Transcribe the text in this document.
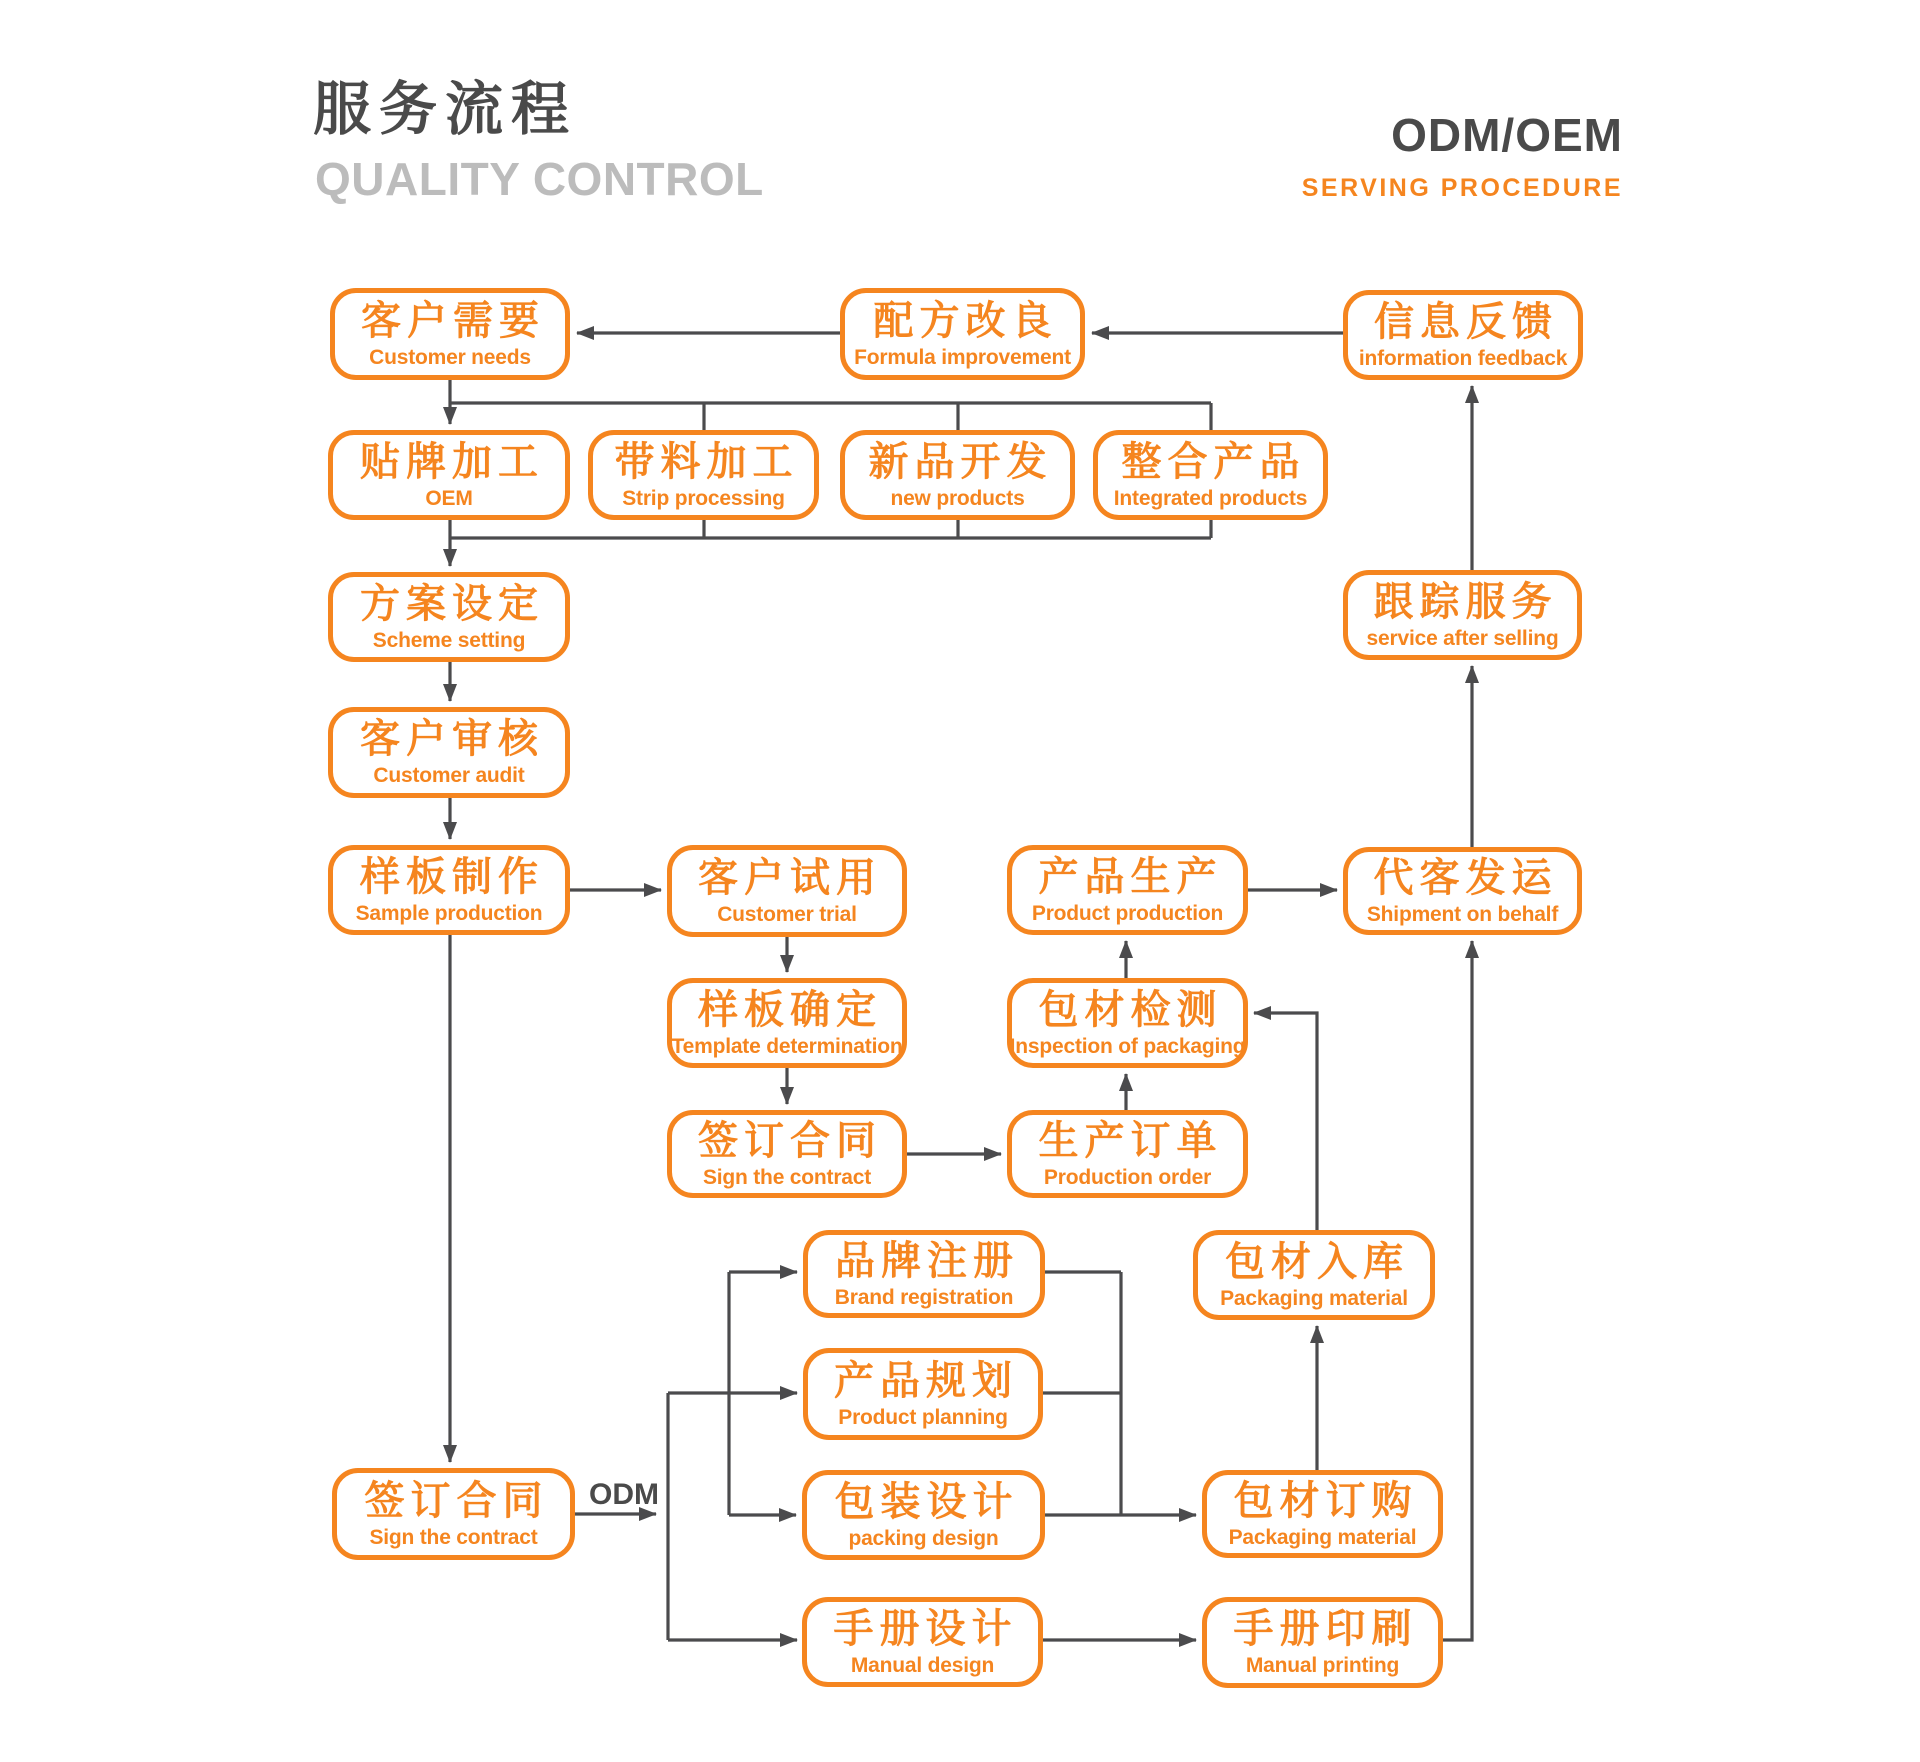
服务流程
QUALITY CONTROL
ODM/OEM
SERVING PROCEDURE
ODM
客户需要
Customer needs
配方改良
Formula improvement
信息反馈
information feedback
贴牌加工
OEM
带料加工
Strip processing
新品开发
new products
整合产品
Integrated products
方案设定
Scheme setting
跟踪服务
service after selling
客户审核
Customer audit
样板制作
Sample production
客户试用
Customer trial
产品生产
Product production
代客发运
Shipment on behalf
样板确定
Template determination
包材检测
Inspection of packaging
签订合同
Sign the contract
生产订单
Production order
品牌注册
Brand registration
包材入库
Packaging material
产品规划
Product planning
签订合同
Sign the contract
包装设计
packing design
包材订购
Packaging material
手册设计
Manual design
手册印刷
Manual printing
